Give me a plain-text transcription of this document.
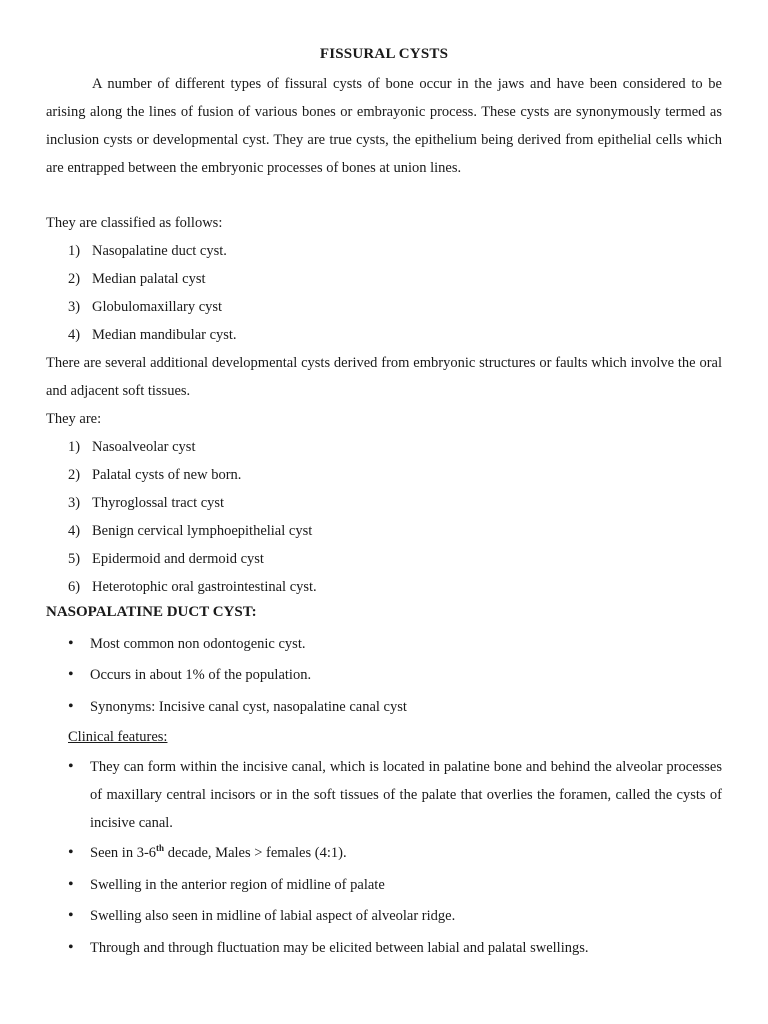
FISSURAL CYSTS

A number of different types of fissural cysts of bone occur in the jaws and have been considered to be arising along the lines of fusion of various bones or embrayonic process. These cysts are synonymously termed as inclusion cysts or developmental cyst. They are true cysts, the epithelium being derived from epithelial cells which are entrapped between the embryonic processes of bones at union lines.

They are classified as follows:
1) Nasopalatine duct cyst.
2) Median palatal cyst
3) Globulomaxillary cyst
4) Median mandibular cyst.

There are several additional developmental cysts derived from embryonic structures or faults which involve the oral and adjacent soft tissues.

They are:
1) Nasoalveolar cyst
2) Palatal cysts of new born.
3) Thyroglossal tract cyst
4) Benign cervical lymphoepithelial cyst
5) Epidermoid and dermoid cyst
6) Heterotophic oral gastrointestinal cyst.
NASOPALATINE DUCT CYST:
•
Most common non odontogenic cyst.
•
Occurs in about 1% of the population.
•
Synonyms: Incisive canal cyst, nasopalatine canal cyst
Clinical features:
•
They can form within the incisive canal, which is located in palatine bone and behind the alveolar processes of maxillary central incisors or in the soft tissues of the palate that overlies the foramen, called the cysts of incisive canal.
•
Seen in 3-6th decade, Males > females (4:1).
•
Swelling in the anterior region of midline of palate
•
Swelling also seen in midline of labial aspect of alveolar ridge.
•
Through and through fluctuation may be elicited between labial and palatal swellings.
